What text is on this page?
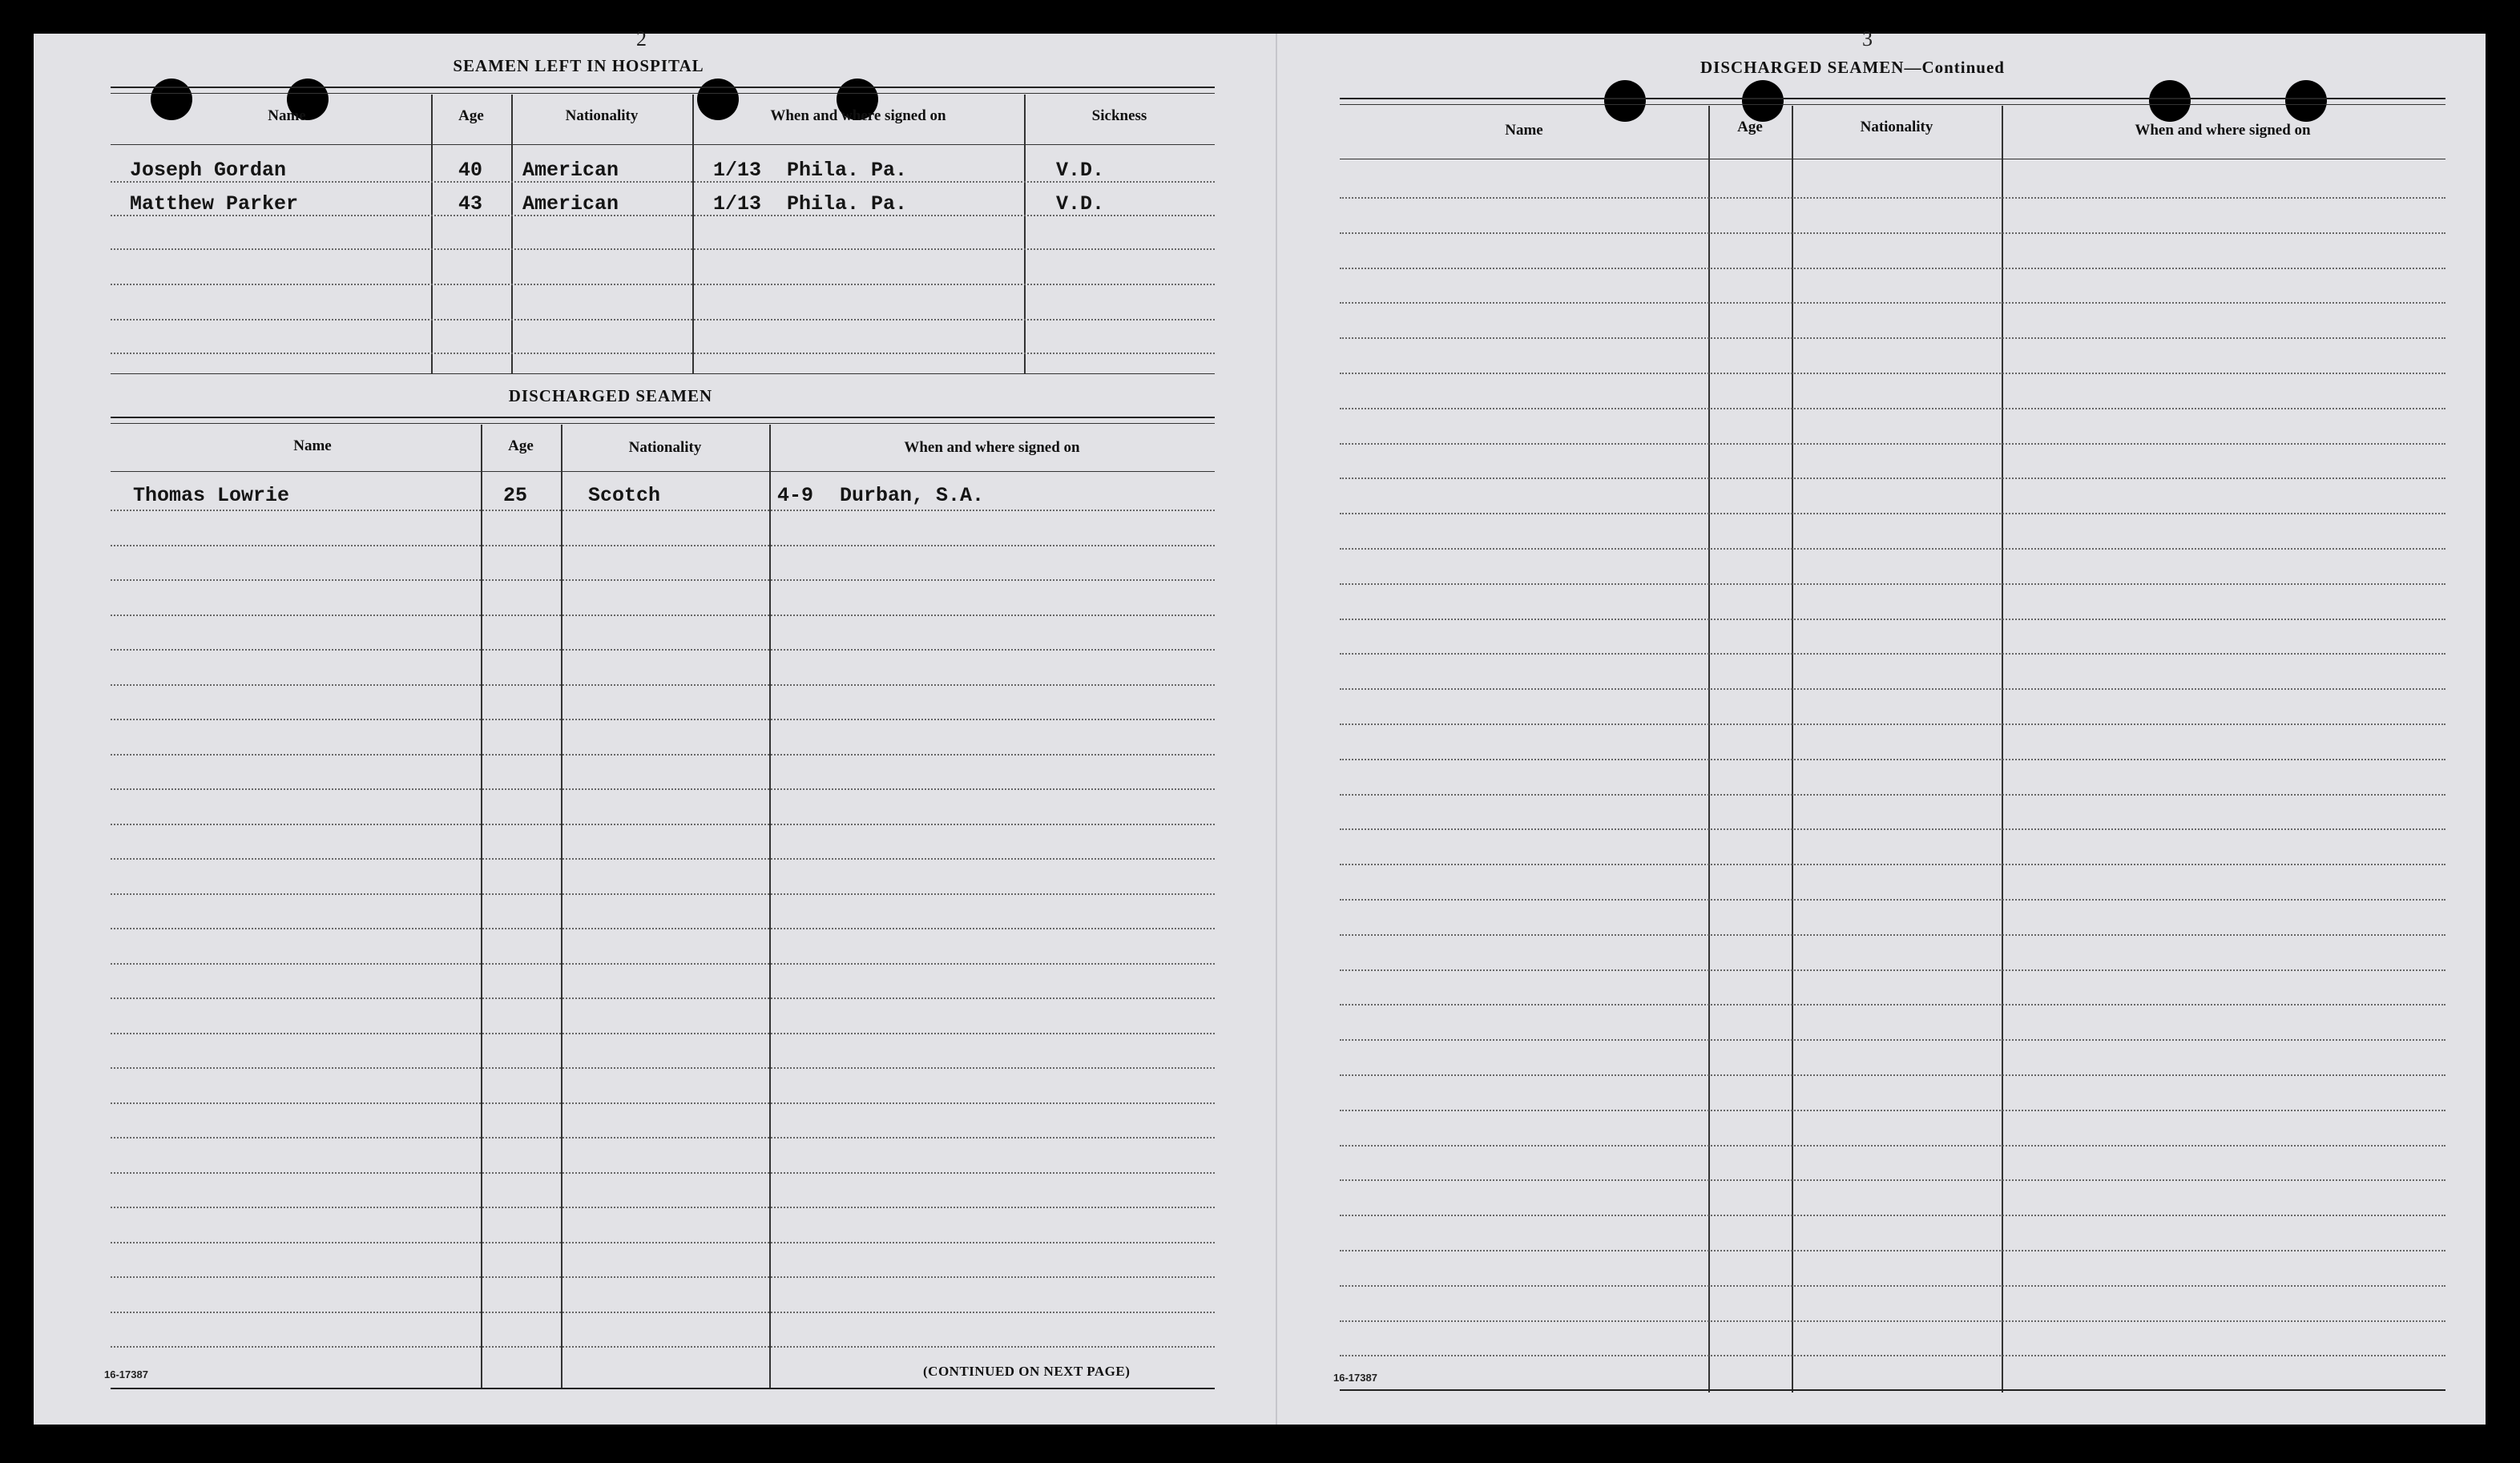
2
SEAMEN LEFT IN HOSPITAL
Name	Age	Nationality	When and where signed on	Sickness
Joseph Gordan	40 American	1/13 Phila. Pa.	V.D.
Matthew Parker	43 American	1/13 Phila. Pa.	V.D.
DISCHARGED SEAMEN
Name	Age	Nationality	When and where signed on
Thomas Lowrie	25	Scotch	4-9 Durban, S.A.
16-17387	(CONTINUED ON NEXT PAGE)
3
DISCHARGED SEAMEN—Continued
Name	Age	Nationality	When and where signed on
16-17387
